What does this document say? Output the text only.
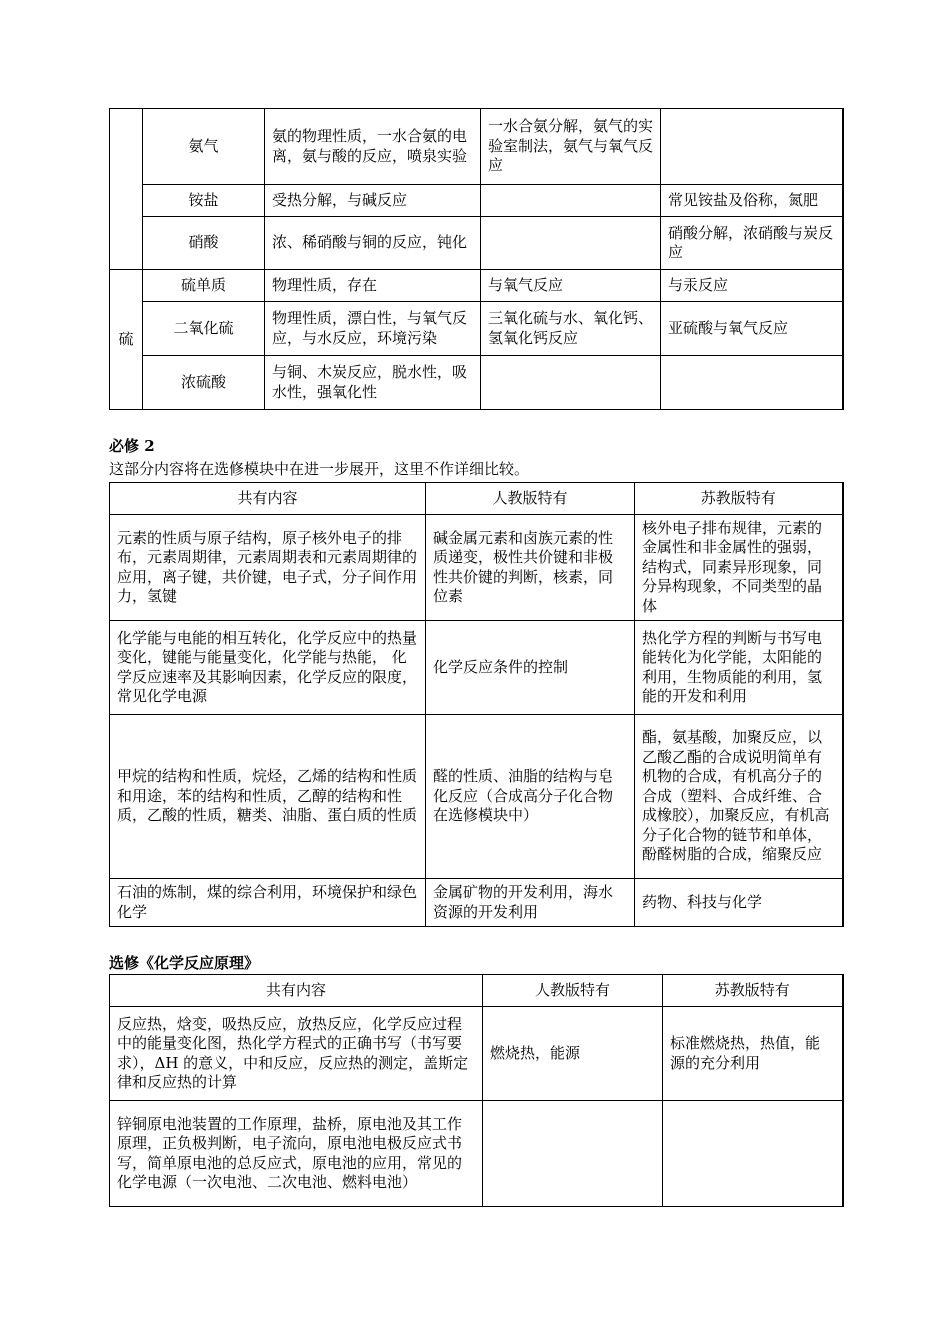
	氨气	氨的物理性质，一水合氨的电离，氨与酸的反应，喷泉实验	一水合氨分解，氨气的实验室制法，氨气与氧气反应	
	铵盐	受热分解，与碱反应		常见铵盐及俗称，氮肥
	硝酸	浓、稀硝酸与铜的反应，钝化		硝酸分解，浓硝酸与炭反应
硫	硫单质	物理性质，存在	与氧气反应	与汞反应
	二氧化硫	物理性质，漂白性，与氧气反应，与水反应，环境污染	三氧化硫与水、氧化钙、氢氧化钙反应	亚硫酸与氧气反应
	浓硫酸	与铜、木炭反应，脱水性，吸水性，强氧化性		
必修 2
这部分内容将在选修模块中在进一步展开，这里不作详细比较。
共有内容	人教版特有	苏教版特有
元素的性质与原子结构，原子核外电子的排布，元素周期律，元素周期表和元素周期律的应用，离子键，共价键，电子式，分子间作用力，氢键	碱金属元素和卤族元素的性质递变，极性共价键和非极性共价键的判断，核素，同位素	核外电子排布规律，元素的金属性和非金属性的强弱，结构式，同素异形现象，同分异构现象，不同类型的晶体
化学能与电能的相互转化，化学反应中的热量变化，键能与能量变化，化学能与热能， 化学反应速率及其影响因素，化学反应的限度，常见化学电源	化学反应条件的控制	热化学方程的判断与书写电能转化为化学能，太阳能的利用，生物质能的利用，氢能的开发和利用
甲烷的结构和性质，烷烃，乙烯的结构和性质和用途，苯的结构和性质，乙醇的结构和性质，乙酸的性质，糖类、油脂、蛋白质的性质	醛的性质、油脂的结构与皂化反应（合成高分子化合物在选修模块中）	酯，氨基酸，加聚反应，以乙酸乙酯的合成说明简单有机物的合成，有机高分子的合成（塑料、合成纤维、合成橡胶），加聚反应，有机高分子化合物的链节和单体，酚醛树脂的合成，缩聚反应
石油的炼制，煤的综合利用，环境保护和绿色化学	金属矿物的开发利用，海水资源的开发利用	药物、科技与化学
选修《化学反应原理》
共有内容	人教版特有	苏教版特有
反应热，焓变，吸热反应，放热反应，化学反应过程中的能量变化图，热化学方程式的正确书写（书写要求），ΔH 的意义，中和反应，反应热的测定，盖斯定律和反应热的计算	燃烧热，能源	标准燃烧热，热值，能源的充分利用
锌铜原电池装置的工作原理，盐桥，原电池及其工作原理，正负极判断，电子流向，原电池电极反应式书写，简单原电池的总反应式，原电池的应用，常见的化学电源（一次电池、二次电池、燃料电池）		
